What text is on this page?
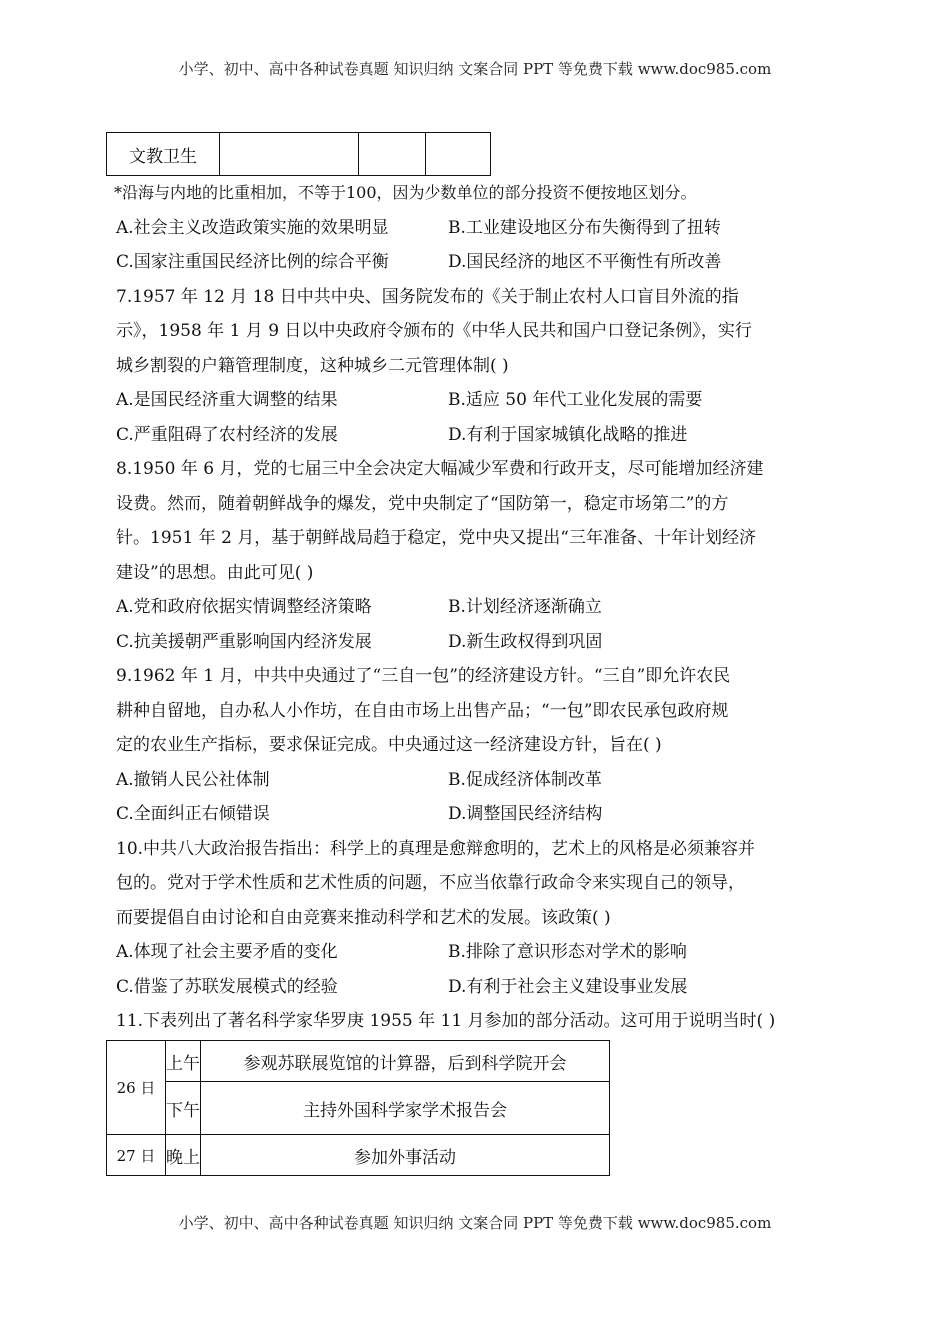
小学、初中、高中各种试卷真题 知识归纳 文案合同 PPT 等免费下载 www.doc985.com
文教卫生			
*沿海与内地的比重相加，不等于100，因为少数单位的部分投资不便按地区划分。
A.社会主义改造政策实施的效果明显	B.工业建设地区分布失衡得到了扭转
C.国家注重国民经济比例的综合平衡	D.国民经济的地区不平衡性有所改善
7.1957 年 12 月 18 日中共中央、国务院发布的《关于制止农村人口盲目外流的指
示》，1958 年 1 月 9 日以中央政府令颁布的《中华人民共和国户口登记条例》，实行
城乡割裂的户籍管理制度，这种城乡二元管理体制( )
A.是国民经济重大调整的结果	B.适应 50 年代工业化发展的需要
C.严重阻碍了农村经济的发展	D.有利于国家城镇化战略的推进
8.1950 年 6 月，党的七届三中全会决定大幅减少军费和行政开支，尽可能增加经济建
设费。然而，随着朝鲜战争的爆发，党中央制定了“国防第一，稳定市场第二”的方
针。1951 年 2 月，基于朝鲜战局趋于稳定，党中央又提出“三年准备、十年计划经济
建设”的思想。由此可见( )
A.党和政府依据实情调整经济策略	B.计划经济逐渐确立
C.抗美援朝严重影响国内经济发展	D.新生政权得到巩固
9.1962 年 1 月，中共中央通过了“三自一包”的经济建设方针。“三自”即允许农民
耕种自留地，自办私人小作坊，在自由市场上出售产品；“一包”即农民承包政府规
定的农业生产指标，要求保证完成。中央通过这一经济建设方针，旨在( )
A.撤销人民公社体制	B.促成经济体制改革
C.全面纠正右倾错误	D.调整国民经济结构
10.中共八大政治报告指出：科学上的真理是愈辩愈明的，艺术上的风格是必须兼容并
包的。党对于学术性质和艺术性质的问题，不应当依靠行政命令来实现自己的领导，
而要提倡自由讨论和自由竞赛来推动科学和艺术的发展。该政策( )
A.体现了社会主要矛盾的变化	B.排除了意识形态对学术的影响
C.借鉴了苏联发展模式的经验	D.有利于社会主义建设事业发展
11.下表列出了著名科学家华罗庚 1955 年 11 月参加的部分活动。这可用于说明当时( )
26 日	上午	参观苏联展览馆的计算器，后到科学院开会
	下午	主持外国科学家学术报告会
27 日	晚上	参加外事活动
小学、初中、高中各种试卷真题 知识归纳 文案合同 PPT 等免费下载 www.doc985.com
